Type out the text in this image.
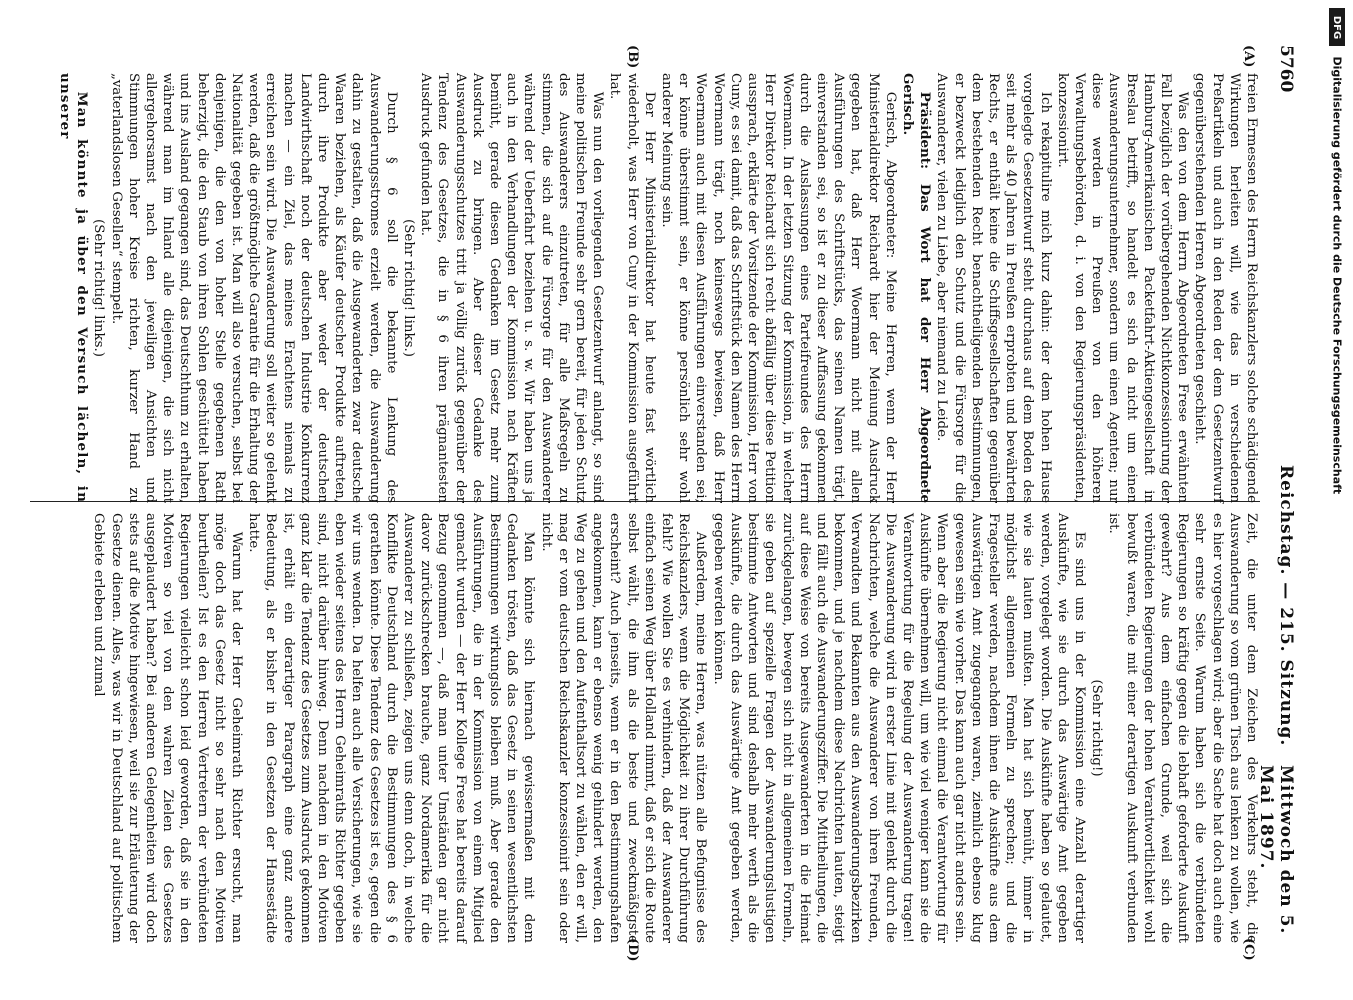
5760
Reichstag. — 215. Sitzung.
Mittwoch den 5. Mai 1897.
(A)
(B)
(C)
(D)

freien Ermessen des Herrn Reichskanzlers solche schädigende Wirkungen herleiten will, wie das in verschiedenen Preßartikeln und auch in den Reden der dem Gesetzentwurf gegenüberstehenden Herren Abgeordneten geschieht.

Was den von dem Herrn Abgeordneten Frese erwähnten Fall bezüglich der vorübergehenden Nichtkonzessionirung der Hamburg-Amerikanischen Packetfahrt-Aktiengesellschaft in Breslau betrifft, so handelt es sich da nicht um einen Auswanderungsunternehmer, sondern um einen Agenten; nur diese werden in Preußen von den höheren Verwaltungsbehörden, d. i. von den Regierungspräsidenten, konzessionirt.

Ich rekapitulire mich kurz dahin: der dem hohen Hause vorgelegte Gesetzentwurf steht durchaus auf dem Boden des seit mehr als 40 Jahren in Preußen erprobten und bewährten Rechts, er enthält keine die Schiffsgesellschaften gegenüber dem bestehenden Recht benachtheiligenden Bestimmungen, er bezweckt lediglich den Schutz und die Fürsorge für die Auswanderer, vielen zu Liebe, aber niemand zu Leide.

Präsident: Das Wort hat der Herr Abgeordnete Gerisch.

Gerisch, Abgeordneter: Meine Herren, wenn der Herr Ministerialdirektor Reichardt hier der Meinung Ausdruck gegeben hat, daß Herr Woermann nicht mit allen Ausführungen des Schriftstücks, das seinen Namen trägt, einverstanden sei, so ist er zu dieser Auffassung gekommen durch die Auslassungen eines Parteifreundes des Herrn Woermann. In der letzten Sitzung der Kommission, in welcher Herr Direktor Reichardt sich recht abfällig über diese Petition aussprach, erklärte der Vorsitzende der Kommission, Herr von Cuny, es sei damit, daß das Schriftstück den Namen des Herrn Woermann trägt, noch keineswegs bewiesen, daß Herr Woermann auch mit diesen Ausführungen einverstanden sei; er könne überstimmt sein, er könne persönlich sehr wohl anderer Meinung sein.

Der Herr Ministerialdirektor hat heute fast wörtlich wiederholt, was Herr von Cuny in der Kommission ausgeführt hat.

Was nun den vorliegenden Gesetzentwurf anlangt, so sind meine politischen Freunde sehr gern bereit, für jeden Schutz des Auswanderers einzutreten, für alle Maßregeln zu stimmen, die sich auf die Fürsorge für den Auswanderer während der Ueberfahrt beziehen u. s. w. Wir haben uns ja auch in den Verhandlungen der Kommission nach Kräften bemüht, gerade diesen Gedanken im Gesetz mehr zum Ausdruck zu bringen. Aber dieser Gedanke des Auswanderungsschutzes tritt ja völlig zurück gegenüber der Tendenz des Gesetzes, die in § 6 ihren prägnantesten Ausdruck gefunden hat.

(Sehr richtig! links.)

Durch § 6 soll die bekannte Lenkung des Auswanderungsstromes erzielt werden, die Auswanderung dahin zu gestalten, daß die Ausgewanderten zwar deutsche Waaren beziehen, als Käufer deutscher Produkte auftreten, durch ihre Produkte aber weder der deutschen Landwirthschaft noch der deutschen Industrie Konkurrenz machen — ein Ziel, das meines Erachtens niemals zu erreichen sein wird. Die Auswanderung soll weiter so gelenkt werden, daß die größtmögliche Garantie für die Erhaltung der Nationalität gegeben ist. Man will also versuchen, selbst bei denjenigen, die den von hoher Stelle gegebenen Rath beherzigt, die den Staub von ihren Sohlen geschüttelt haben und ins Ausland gegangen sind, das Deutschthum zu erhalten, während man im Inland alle diejenigen, die sich nicht allergehorsamst nach den jeweiligen Ansichten und Stimmungen hoher Kreise richten, kurzer Hand zu „vaterlandslosen Gesellen“ stempelt.

(Sehr richtig! links.)

Man könnte ja über den Versuch lächeln, in unserer

Zeit, die unter dem Zeichen des Verkehrs steht, die Auswanderung so vom grünen Tisch aus lenken zu wollen, wie es hier vorgeschlagen wird; aber die Sache hat doch auch eine sehr ernste Seite. Warum haben sich die verbündeten Regierungen so kräftig gegen die lebhaft geforderte Auskunft gewehrt? Aus dem einfachen Grunde, weil sich die verbündeten Regierungen der hohen Verantwortlichkeit wohl bewußt waren, die mit einer derartigen Auskunft verbunden ist.

(Sehr richtig!)

Es sind uns in der Kommission eine Anzahl derartiger Auskünfte, wie sie durch das Auswärtige Amt gegeben werden, vorgelegt worden. Die Auskünfte haben so gelautet, wie sie lauten mußten. Man hat sich bemüht, immer in möglichst allgemeinen Formeln zu sprechen; und die Fragesteller werden, nachdem ihnen die Auskünfte aus dem Auswärtigen Amt zugegangen waren, ziemlich ebenso klug gewesen sein wie vorher. Das kann auch gar nicht anders sein. Wenn aber die Regierung nicht einmal die Verantwortung für Auskünfte übernehmen will, um wie viel weniger kann sie die Verantwortung für die Regelung der Auswanderung tragen! Die Auswanderung wird in erster Linie mit gelenkt durch die Nachrichten, welche die Auswanderer von ihren Freunden, Verwandten und Bekannten aus den Auswanderungsbezirken bekommen, und je nachdem diese Nachrichten lauten, steigt und fällt auch die Auswanderungsziffer. Die Mittheilungen, die auf diese Weise von bereits Ausgewanderten in die Heimat zurückgelangen, bewegen sich nicht in allgemeinen Formeln, sie geben auf spezielle Fragen der Auswanderungslustigen bestimmte Antworten und sind deshalb mehr werth als die Auskünfte, die durch das Auswärtige Amt gegeben werden, gegeben werden können.

Außerdem, meine Herren, was nützen alle Befugnisse des Reichskanzlers, wenn die Möglichkeit zu ihrer Durchführung fehlt? Wie wollen Sie es verhindern, daß der Auswanderer einfach seinen Weg über Holland nimmt, daß er sich die Route selbst wählt, die ihm als die beste und zweckmäßigste erscheint? Auch jenseits, wenn er in den Bestimmungshafen angekommen, kann er ebenso wenig gehindert werden, den Weg zu gehen und den Aufenthaltsort zu wählen, den er will, mag er vom deutschen Reichskanzler konzessionirt sein oder nicht.

Man könnte sich hiernach gewissermaßen mit dem Gedanken trösten, daß das Gesetz in seinen wesentlichsten Bestimmungen wirkungslos bleiben muß. Aber gerade den Ausführungen, die in der Kommission von einem Mitglied gemacht wurden — der Herr Kollege Frese hat bereits darauf Bezug genommen —, daß man unter Umständen gar nicht davor zurückschrecken brauche, ganz Nordamerika für die Auswanderer zu schließen, zeigen uns denn doch, in welche Konflikte Deutschland durch die Bestimmungen des § 6 gerathen könnte. Diese Tendenz des Gesetzes ist es, gegen die wir uns wenden. Da helfen auch alle Versicherungen, wie sie eben wieder seitens des Herrn Geheimraths Richter gegeben sind, nicht darüber hinweg. Denn nachdem in den Motiven ganz klar die Tendenz des Gesetzes zum Ausdruck gekommen ist, erhält ein derartiger Paragraph eine ganz andere Bedeutung, als er bisher in den Gesetzen der Hansestädte hatte.

Warum hat der Herr Geheimrath Richter ersucht, man möge doch das Gesetz nicht so sehr nach den Motiven beurtheilen? Ist es den Herren Vertretern der verbündeten Regierungen vielleicht schon leid geworden, daß sie in den Motiven so viel von den wahren Zielen des Gesetzes ausgeplaudert haben? Bei anderen Gelegenheiten wird doch stets auf die Motive hingewiesen, weil sie zur Erläuterung der Gesetze dienen. Alles, was wir in Deutschland auf politischem Gebiete erleben und zumal

DFG
Digitalisierung gefördert durch die Deutsche Forschungsgemeinschaft
